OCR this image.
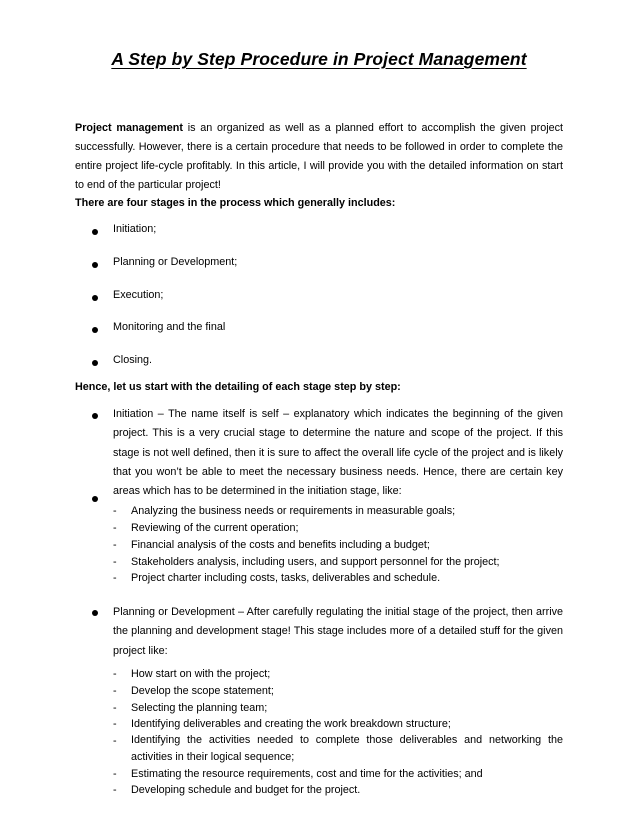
A Step by Step Procedure in Project Management

Project management is an organized as well as a planned effort to accomplish the given project successfully. However, there is a certain procedure that needs to be followed in order to complete the entire project life-cycle profitably. In this article, I will provide you with the detailed information on start to end of the particular project!

There are four stages in the process which generally includes:

Initiation;

Planning or Development;

Execution;

Monitoring and the final

Closing.

Hence, let us start with the detailing of each stage step by step:

Initiation – The name itself is self – explanatory which indicates the beginning of the given project. This is a very crucial stage to determine the nature and scope of the project. If this stage is not well defined, then it is sure to affect the overall life cycle of the project and is likely that you won’t be able to meet the necessary business needs. Hence, there are certain key areas which has to be determined in the initiation stage, like:

- Analyzing the business needs or requirements in measurable goals;

- Reviewing of the current operation;

- Financial analysis of the costs and benefits including a budget;

- Stakeholders analysis, including users, and support personnel for the project;

- Project charter including costs, tasks, deliverables and schedule.

Planning or Development – After carefully regulating the initial stage of the project, then arrive the planning and development stage! This stage includes more of a detailed stuff for the given project like:

- How start on with the project;

- Develop the scope statement;

- Selecting the planning team;

- Identifying deliverables and creating the work breakdown structure;

- Identifying the activities needed to complete those deliverables and networking the activities in their logical sequence;

- Estimating the resource requirements, cost and time for the activities; and

- Developing schedule and budget for the project.
